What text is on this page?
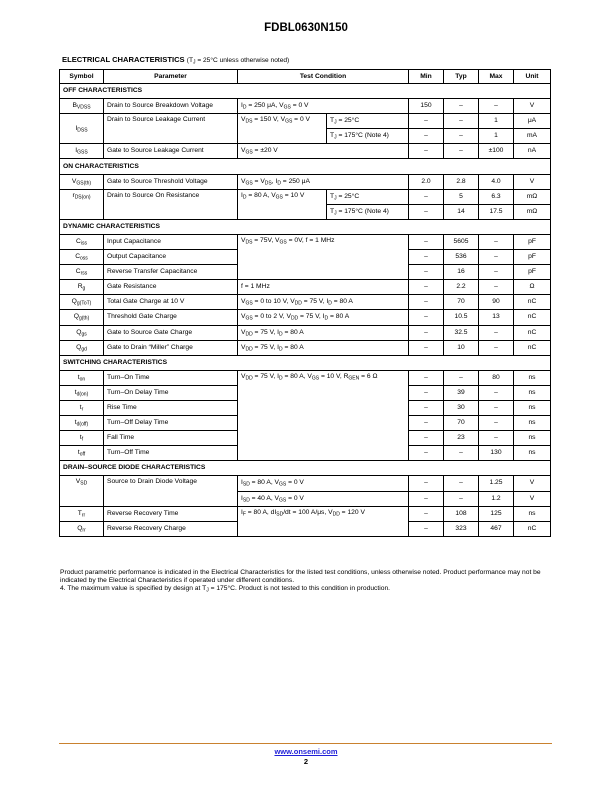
FDBL0630N150
ELECTRICAL CHARACTERISTICS ($T_J = 25^\circ C$ unless otherwise noted)
Symbol	Parameter	Test Condition		Min	Typ	Max	Unit
OFF CHARACTERISTICS							
$B_{VDSS}$	Drain to Source Breakdown Voltage	$I_D = 250$ μA, $V_{GS} = 0$ V		150	–	–	V
$I_{DSS}$	Drain to Source Leakage Current	$V_{DS} = 150$ V, $V_{GS} = 0$ V	$T_J = 25^\circ C$	–	–	1	μA
			$T_J = 175^\circ C$ (Note 4)	–	–	1	mA
$I_{GSS}$	Gate to Source Leakage Current	$V_{GS} = \pm 20$ V		–	–	±100	nA
ON CHARACTERISTICS							
$V_{GS(th)}$	Gate to Source Threshold Voltage	$V_{GS} = V_{DS}$, $I_D = 250$ μA		2.0	2.8	4.0	V
$r_{DS(on)}$	Drain to Source On Resistance	$I_D = 80$ A, $V_{GS} = 10$ V	$T_J = 25^\circ C$	–	5	6.3	mΩ
			$T_J = 175^\circ C$ (Note 4)	–	14	17.5	mΩ
DYNAMIC CHARACTERISTICS							
$C_{iss}$	Input Capacitance	$V_{DS} = 75V$, $V_{GS} = 0V$, f = 1 MHz		–	5605	–	pF
$C_{oss}$	Output Capacitance			–	536	–	pF
$C_{rss}$	Reverse Transfer Capacitance			–	16	–	pF
$R_g$	Gate Resistance	f = 1 MHz		–	2.2	–	Ω
$Q_{g(ToT)}$	Total Gate Charge at 10 V	$V_{GS} = 0$ to 10 V, $V_{DD} = 75$ V, $I_D = 80$ A		–	70	90	nC
$Q_{g(th)}$	Threshold Gate Charge	$V_{GS} = 0$ to 2 V, $V_{DD} = 75$ V, $I_D = 80$ A		–	10.5	13	nC
$Q_{gs}$	Gate to Source Gate Charge	$V_{DD} = 75$ V, $I_D = 80$ A		–	32.5	–	nC
$Q_{gd}$	Gate to Drain “Miller” Charge	$V_{DD} = 75$ V, $I_D = 80$ A		–	10	–	nC
SWITCHING CHARACTERISTICS							
$t_{on}$	Turn–On Time	$V_{DD} = 75$ V, $I_D = 80$ A, $V_{GS} = 10$ V, $R_{GEN} = 6$ Ω		–	–	80	ns
$t_{d(on)}$	Turn–On Delay Time			–	39	–	ns
$t_r$	Rise Time			–	30	–	ns
$t_{d(off)}$	Turn–Off Delay Time			–	70	–	ns
$t_f$	Fall Time			–	23	–	ns
$t_{off}$	Turn–Off Time			–	–	130	ns
DRAIN–SOURCE DIODE CHARACTERISTICS							
$V_{SD}$	Source to Drain Diode Voltage	$I_{SD} = 80$ A, $V_{GS} = 0$ V		–	–	1.25	V
		$I_{SD} = 40$ A, $V_{GS} = 0$ V		–	–	1.2	V
$T_{rr}$	Reverse Recovery Time	$I_F = 80$ A, $dI_{SD}/dt = 100$ A/μs, $V_{DD} = 120$ V		–	108	125	ns
$Q_{rr}$	Reverse Recovery Charge			–	323	467	nC

Product parametric performance is indicated in the Electrical Characteristics for the listed test conditions, unless otherwise noted. Product performance may not be indicated by the Electrical Characteristics if operated under different conditions.

4. The maximum value is specified by design at $T_J = 175^\circ C$. Product is not tested to this condition in production.

www.onsemi.com
2
